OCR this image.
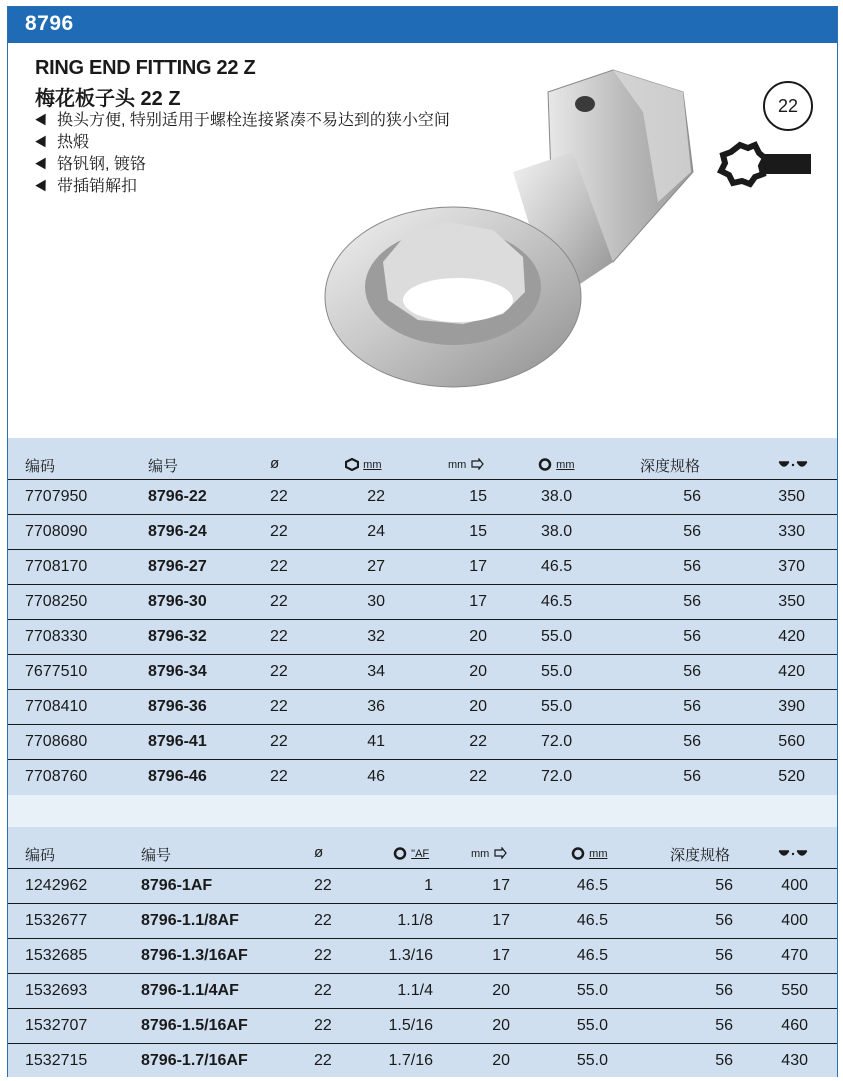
8796
RING END FITTING 22 Z
梅花板子头 22 Z
换头方便, 特别适用于螺栓连接紧凑不易达到的狭小空间
热煅
铬钒钢, 镀铬
带插销解扣
22
编码	编号	ø	mm	mm	mm	深度规格
7707950	8796-22	22	22	15	38.0	56	350
7708090	8796-24	22	24	15	38.0	56	330
7708170	8796-27	22	27	17	46.5	56	370
7708250	8796-30	22	30	17	46.5	56	350
7708330	8796-32	22	32	20	55.0	56	420
7677510	8796-34	22	34	20	55.0	56	420
7708410	8796-36	22	36	20	55.0	56	390
7708680	8796-41	22	41	22	72.0	56	560
7708760	8796-46	22	46	22	72.0	56	520
编码	编号	ø	"AF	mm	mm	深度规格
1242962	8796-1AF	22	1	17	46.5	56	400
1532677	8796-1.1/8AF	22	1.1/8	17	46.5	56	400
1532685	8796-1.3/16AF	22	1.3/16	17	46.5	56	470
1532693	8796-1.1/4AF	22	1.1/4	20	55.0	56	550
1532707	8796-1.5/16AF	22	1.5/16	20	55.0	56	460
1532715	8796-1.7/16AF	22	1.7/16	20	55.0	56	430
